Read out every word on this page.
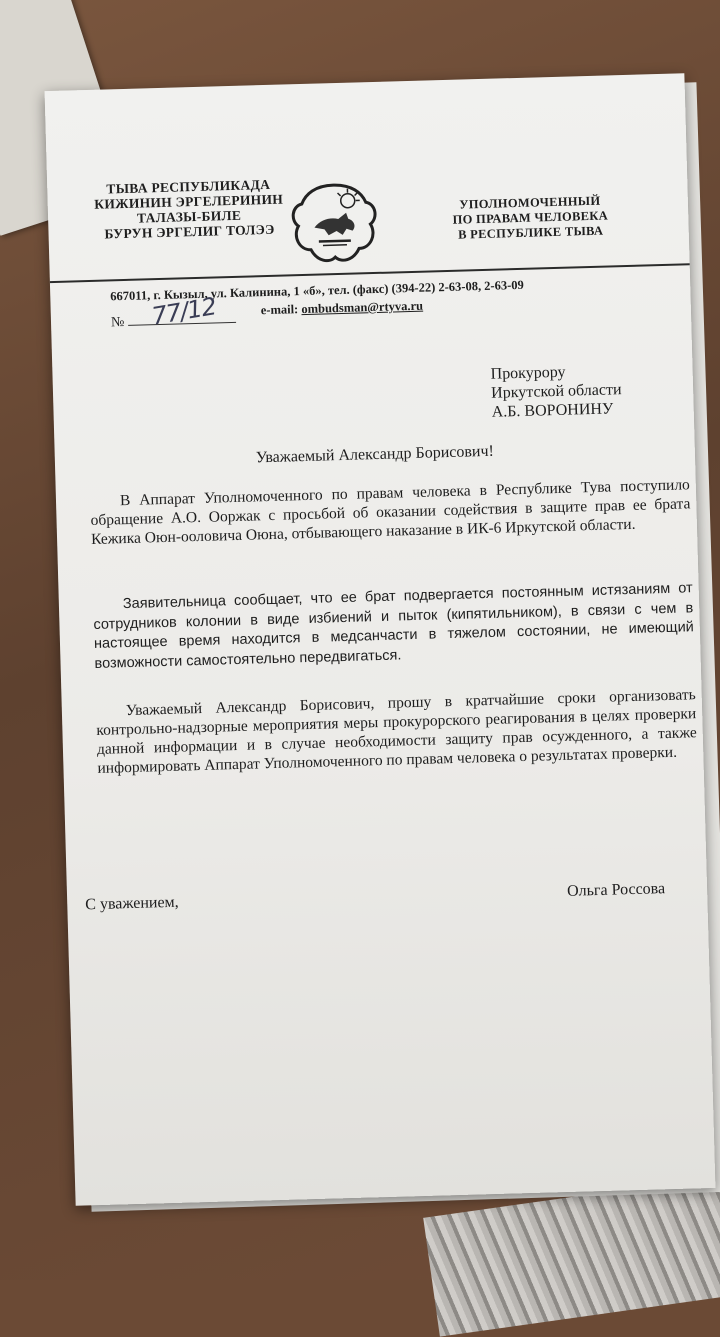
ТЫВА РЕСПУБЛИКАДА
КИЖИНИН ЭРГЕЛЕРИНИН
ТАЛАЗЫ-БИЛЕ
БУРУН ЭРГЕЛИГ ТОЛЭЭ
УПОЛНОМОЧЕННЫЙ
ПО ПРАВАМ ЧЕЛОВЕКА
В РЕСПУБЛИКЕ ТЫВА
667011, г. Кызыл, ул. Калинина, 1 «б», тел. (факс) (394-22) 2-63-08, 2-63-09
№ 77/12	e-mail: ombudsman@rtyva.ru
Прокурору
Иркутской области
А.Б. ВОРОНИНУ
Уважаемый Александр Борисович!
В Аппарат Уполномоченного по правам человека в Республике Тува поступило обращение А.О. Ооржак с просьбой об оказании содействия в защите прав ее брата Кежика Оюн-ооловича Оюна, отбывающего наказание в ИК-6 Иркутской области.
Заявительница сообщает, что ее брат подвергается постоянным истязаниям от сотрудников колонии в виде избиений и пыток (кипятильником), в связи с чем в настоящее время находится в медсанчасти в тяжелом состоянии, не имеющий возможности самостоятельно передвигаться.
Уважаемый Александр Борисович, прошу в кратчайшие сроки организовать контрольно-надзорные мероприятия меры прокурорского реагирования в целях проверки данной информации и в случае необходимости защиту прав осужденного, а также информировать Аппарат Уполномоченного по правам человека о результатах проверки.
С уважением,
Ольга Россова
